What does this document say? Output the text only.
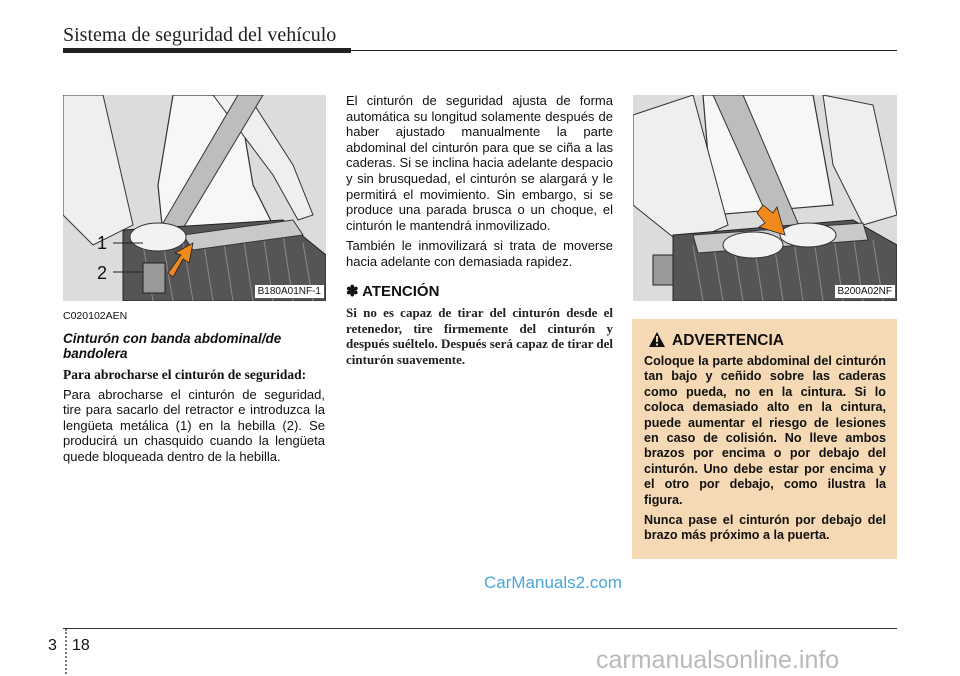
Sistema de seguridad del vehículo
1
2
B180A01NF-1
C020102AEN
Cinturón con banda abdominal/de bandolera
Para abrocharse el cinturón de seguridad:

Para abrocharse el cinturón de seguridad, tire para sacarlo del retractor e introduzca la lengüeta metálica (1) en la hebilla (2). Se producirá un chasquido cuando la lengüeta quede bloqueada dentro de la hebilla.

El cinturón de seguridad ajusta de forma automática su longitud solamente después de haber ajustado manualmente la parte abdominal del cinturón para que se ciña a las caderas. Si se inclina hacia adelante despacio y sin brusquedad, el cinturón se alargará y le permitirá el movimiento. Sin embargo, si se produce una parada brusca o un choque, el cinturón le mantendrá inmovilizado.

También le inmovilizará si trata de moverse hacia adelante con demasiada rapidez.

✽ ATENCIÓN
Si no es capaz de tirar del cinturón desde el retenedor, tire firmemente del cinturón y después suéltelo. Después será capaz de tirar del cinturón suavemente.
B200A02NF
ADVERTENCIA

Coloque la parte abdominal del cinturón tan bajo y ceñido sobre las caderas como pueda, no en la cintura. Si lo coloca demasiado alto en la cintura, puede aumentar el riesgo de lesiones en caso de colisión. No lleve ambos brazos por encima o por debajo del cinturón. Uno debe estar por encima y el otro por debajo, como ilustra la figura.

Nunca pase el cinturón por debajo del brazo más próximo a la puerta.

CarManuals2.com
3 18
carmanualsonline.info
